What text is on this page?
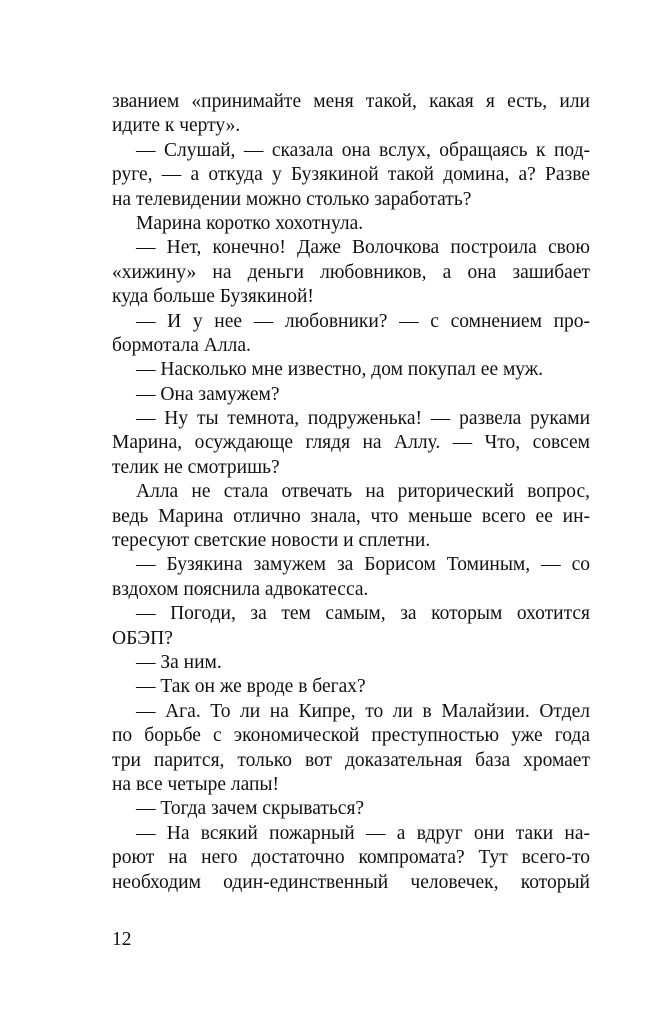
званием «принимайте меня такой, какая я есть, или
идите к черту».
— Слушай, — сказала она вслух, обращаясь к под-
руге, — а откуда у Бузякиной такой домина, а? Разве
на телевидении можно столько заработать?
Марина коротко хохотнула.
— Нет, конечно! Даже Волочкова построила свою
«хижину» на деньги любовников, а она зашибает
куда больше Бузякиной!
— И у нее — любовники? — с сомнением про-
бормотала Алла.
— Насколько мне известно, дом покупал ее муж.
— Она замужем?
— Ну ты темнота, подруженька! — развела руками
Марина, осуждающе глядя на Аллу. — Что, совсем
телик не смотришь?
Алла не стала отвечать на риторический вопрос,
ведь Марина отлично знала, что меньше всего ее ин-
тересуют светские новости и сплетни.
— Бузякина замужем за Борисом Томиным, — со
вздохом пояснила адвокатесса.
— Погоди, за тем самым, за которым охотится
ОБЭП?
— За ним.
— Так он же вроде в бегах?
— Ага. То ли на Кипре, то ли в Малайзии. Отдел
по борьбе с экономической преступностью уже года
три парится, только вот доказательная база хромает
на все четыре лапы!
— Тогда зачем скрываться?
— На всякий пожарный — а вдруг они таки на-
роют на него достаточно компромата? Тут всего-то
необходим один-единственный человечек, который
12
